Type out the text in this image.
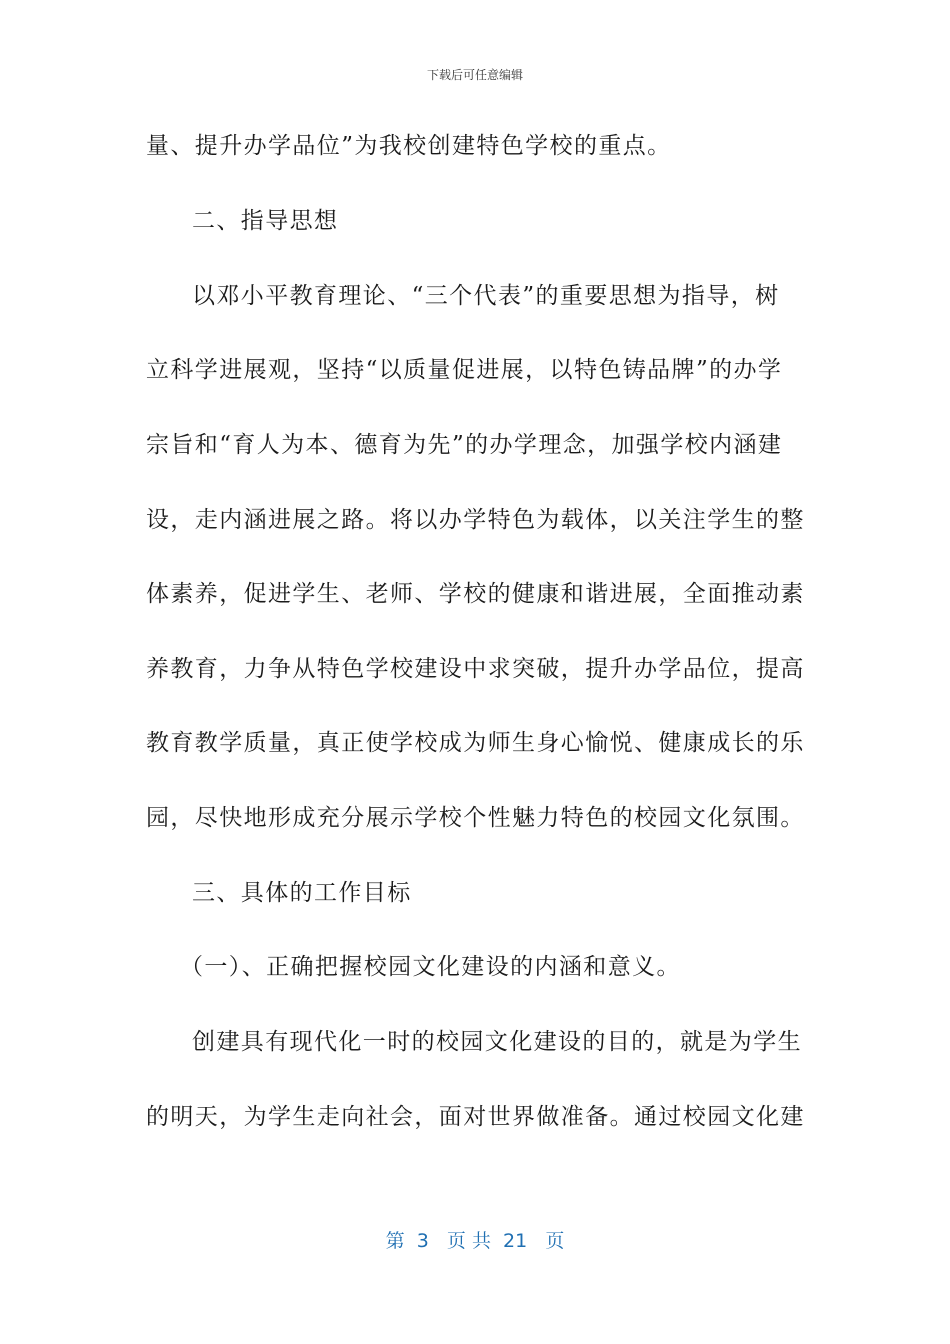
下载后可任意编辑
量、提升办学品位”为我校创建特色学校的重点。
二、指导思想
以邓小平教育理论、“三个代表”的重要思想为指导，树
立科学进展观，坚持“以质量促进展，以特色铸品牌”的办学
宗旨和“育人为本、德育为先”的办学理念，加强学校内涵建
设，走内涵进展之路。将以办学特色为载体，以关注学生的整
体素养，促进学生、老师、学校的健康和谐进展，全面推动素
养教育，力争从特色学校建设中求突破，提升办学品位，提高
教育教学质量，真正使学校成为师生身心愉悦、健康成长的乐
园，尽快地形成充分展示学校个性魅力特色的校园文化氛围。
三、具体的工作目标
（一）、正确把握校园文化建设的内涵和意义。
创建具有现代化一时的校园文化建设的目的，就是为学生
的明天，为学生走向社会，面对世界做准备。通过校园文化建
第  3   页 共  21   页
